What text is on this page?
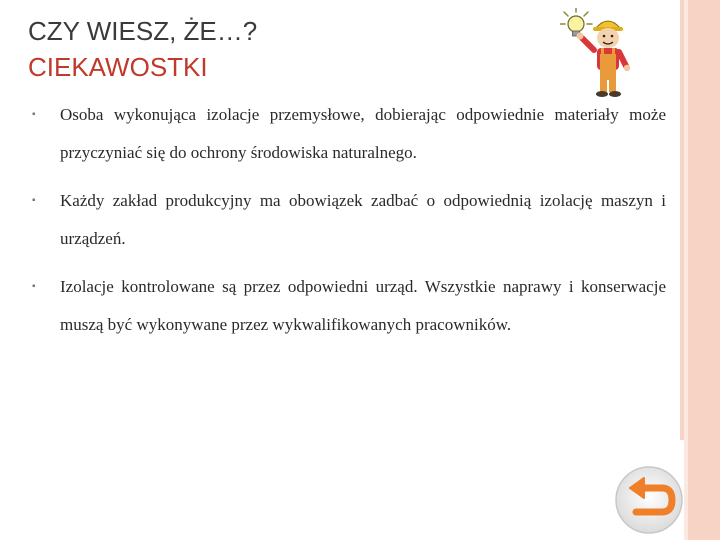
CZY WIESZ, ŻE…?
CIEKAWOSTKI
▪ Osoba wykonująca izolacje przemysłowe, dobierając odpowiednie materiały może przyczyniać się do ochrony środowiska naturalnego.
▪ Każdy zakład produkcyjny ma obowiązek zadbać o odpowiednią izolację maszyn i urządzeń.
▪ Izolacje kontrolowane są przez odpowiedni urząd. Wszystkie naprawy i konserwacje muszą być wykonywane przez wykwalifikowanych pracowników.
